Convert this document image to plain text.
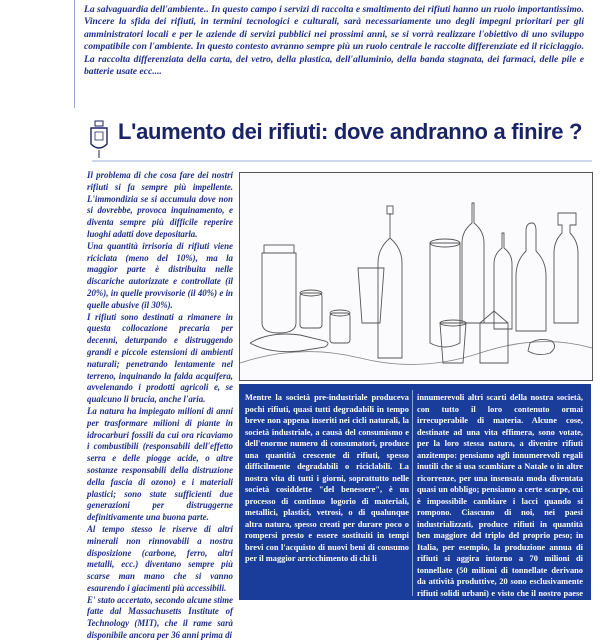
La salvaguardia dell'ambiente.. In questo campo i servizi di raccolta e smaltimento dei rifiuti hanno un ruolo importantissimo. Vincere la sfida dei rifiuti, in termini tecnologici e culturali, sarà necessariamente uno degli impegni prioritari per gli amministratori locali e per le aziende di servizi pubblici nei prossimi anni, se si vorrà realizzare l'obiettivo di uno sviluppo compatibile con l'ambiente. In questo contesto avranno sempre più un ruolo centrale le raccolte differenziate ed il riciclaggio. La raccolta differenziata della carta, del vetro, della plastica, dell'alluminio, della banda stagnata, dei farmaci, delle pile e batterie usate ecc....
L'aumento dei rifiuti: dove andranno a finire ?

Il problema di che cosa fare dei nostri rifiuti si fa sempre più impellente. L'immondizia se si accumula dove non si dovrebbe, provoca inquinamento, e diventa sempre più difficile reperire luoghi adatti dove depositarla.

Una quantità irrisoria di rifiuti viene riciclata (meno del 10%), ma la maggior parte è distribuita nelle discariche autorizzate e controllate (il 20%), in quelle provvisorie (il 40%) e in quelle abusive (il 30%).

I rifiuti sono destinati a rimanere in questa collocazione precaria per decenni, deturpando e distruggendo grandi e piccole estensioni di ambienti naturali; penetrando lentamente nel terreno, inquinando la falda acquifera, avvelenando i prodotti agricoli e, se qualcuno li brucia, anche l'aria.

La natura ha impiegato milioni di anni per trasformare milioni di piante in idrocarburi fossili da cui ora ricaviamo i combustibili (responsabili dell'effetto serra e delle piogge acide, o altre sostanze responsabili della distruzione della fascia di ozono) e i materiali plastici; sono state sufficienti due generazioni per distruggerne definitivamente una buona parte.

Al tempo stesso le riserve di altri minerali non rinnovabili a nostra disposizione (carbone, ferro, altri metalli, ecc.) diventano sempre più scarse man mano che si vanno esaurendo i giacimenti più accessibili.

E' stato accertato, secondo alcune stime fatte dal Massachusetts Institute of Technology (MIT), che il rame sarà disponibile ancora per 36 anni prima di

Mentre la società pre-industriale produceva pochi rifiuti, quasi tutti degradabili in tempo breve non appena inseriti nei cicli naturali, la società industriale, a causà del consumismo e dell'enorme numero di consumatori, produce una quantità crescente di rifiuti, spesso difficilmente degradabili o riciclabili. La nostra vita di tutti i giorni, soprattutto nelle società cosiddette "del benessere", è un processo di continuo logorio di materiali, metallici, plastici, vetrosi, o di qualunque altra natura, spesso creati per durare poco o rompersi presto e essere sostituiti in tempi brevi con l'acquisto di nuovi beni di consumo per il maggior arricchimento di chi li
innumerevoli altri scarti della nostra società, con tutto il loro contenuto ormai irrecuperabile di materia. Alcune cose, destinate ad una vita effimera, sono votate, per la loro stessa natura, a divenire rifiuti anzitempo: pensiamo agli innumerevoli regali inutili che si usa scambiare a Natale o in altre ricorrenze, per una insensata moda diventata quasi un obbligo; pensiamo a certe scarpe, cui è impossibile cambiare i lacci quando si rompono. Ciascuno di noi, nei paesi industrializzati, produce rifiuti in quantità ben maggiore del triplo del proprio peso; in Italia, per esempio, la produzione annua di rifiuti si aggira intorno a 70 milioni di tonnellate (50 milioni di tonnellate derivano da attività produttive, 20 sono esclusivamente rifiuti solidi urbani) e visto che il nostro paese ha
